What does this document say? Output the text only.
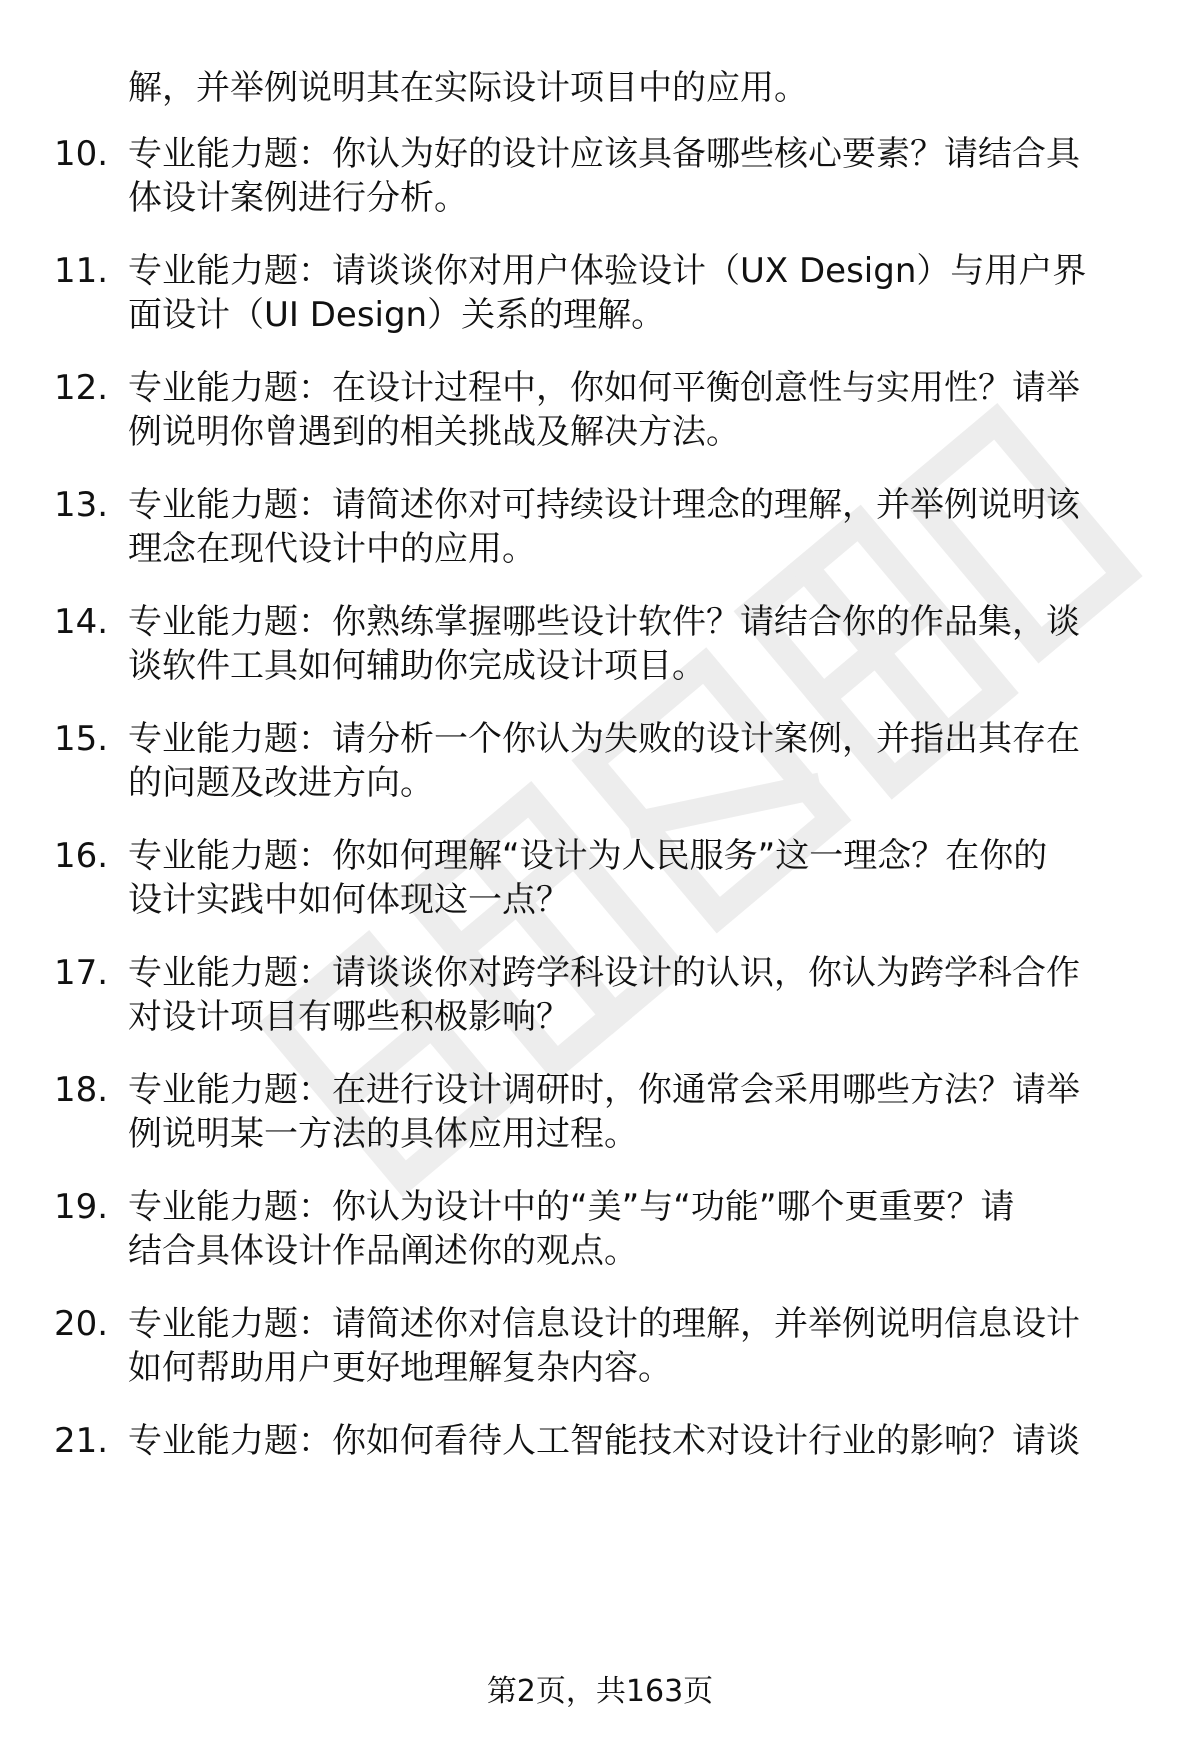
解，并举例说明其在实际设计项目中的应用。
10. 专业能力题：你认为好的设计应该具备哪些核心要素？请结合具
体设计案例进行分析。
11. 专业能力题：请谈谈你对用户体验设计（UX Design）与用户界
面设计（UI Design）关系的理解。
12. 专业能力题：在设计过程中，你如何平衡创意性与实用性？请举
例说明你曾遇到的相关挑战及解决方法。
13. 专业能力题：请简述你对可持续设计理念的理解，并举例说明该
理念在现代设计中的应用。
14. 专业能力题：你熟练掌握哪些设计软件？请结合你的作品集，谈
谈软件工具如何辅助你完成设计项目。
15. 专业能力题：请分析一个你认为失败的设计案例，并指出其存在
的问题及改进方向。
16. 专业能力题：你如何理解“设计为人民服务”这一理念？在你的
设计实践中如何体现这一点？
17. 专业能力题：请谈谈你对跨学科设计的认识，你认为跨学科合作
对设计项目有哪些积极影响？
18. 专业能力题：在进行设计调研时，你通常会采用哪些方法？请举
例说明某一方法的具体应用过程。
19. 专业能力题：你认为设计中的“美”与“功能”哪个更重要？请
结合具体设计作品阐述你的观点。
20. 专业能力题：请简述你对信息设计的理解，并举例说明信息设计
如何帮助用户更好地理解复杂内容。
21. 专业能力题：你如何看待人工智能技术对设计行业的影响？请谈
第2页，共163页
